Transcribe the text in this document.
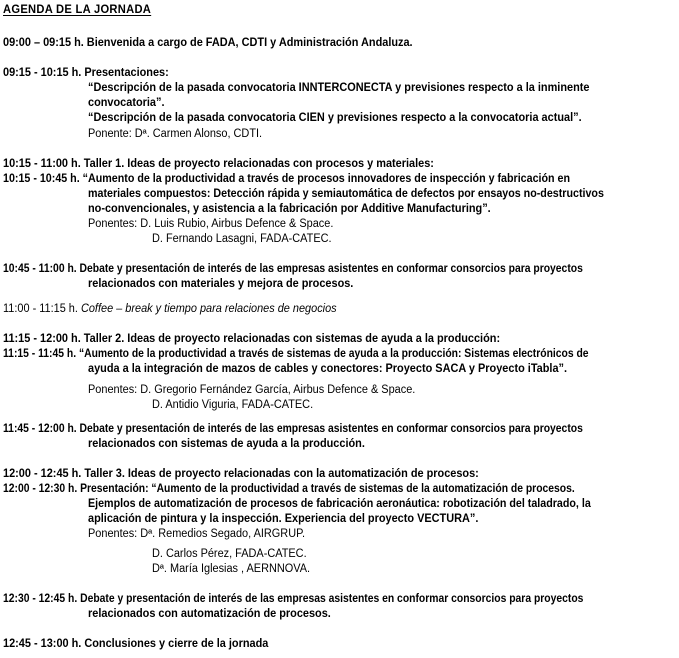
AGENDA DE LA JORNADA
09:00 – 09:15 h. Bienvenida a cargo de FADA, CDTI y Administración Andaluza.
09:15 - 10:15 h. Presentaciones:
“Descripción de la pasada convocatoria INNTERCONECTA y previsiones respecto a la inminente
convocatoria”.
“Descripción de la pasada convocatoria CIEN y previsiones respecto a la convocatoria actual”.
Ponente: Dª. Carmen Alonso, CDTI.
10:15 - 11:00 h. Taller 1. Ideas de proyecto relacionadas con procesos y materiales:
10:15 - 10:45 h. “Aumento de la productividad a través de procesos innovadores de inspección y fabricación en
materiales compuestos: Detección rápida y semiautomática de defectos por ensayos no-destructivos
no-convencionales, y asistencia a la fabricación por Additive Manufacturing”.
Ponentes: D. Luis Rubio, Airbus Defence & Space.
D. Fernando Lasagni, FADA-CATEC.
10:45 - 11:00 h. Debate y presentación de interés de las empresas asistentes en conformar consorcios para proyectos
relacionados con materiales y mejora de procesos.
11:00 - 11:15 h. Coffee – break y tiempo para relaciones de negocios
11:15 - 12:00 h. Taller 2. Ideas de proyecto relacionadas con sistemas de ayuda a la producción:
11:15 - 11:45 h. “Aumento de la productividad a través de sistemas de ayuda a la producción: Sistemas electrónicos de
ayuda a la integración de mazos de cables y conectores: Proyecto SACA y Proyecto iTabla”.
Ponentes: D. Gregorio Fernández García, Airbus Defence & Space.
D. Antidio Viguria, FADA-CATEC.
11:45 - 12:00 h. Debate y presentación de interés de las empresas asistentes en conformar consorcios para proyectos
relacionados con sistemas de ayuda a la producción.
12:00 - 12:45 h. Taller 3. Ideas de proyecto relacionadas con la automatización de procesos:
12:00 - 12:30 h. Presentación: “Aumento de la productividad a través de sistemas de la automatización de procesos.
Ejemplos de automatización de procesos de fabricación aeronáutica: robotización del taladrado, la
aplicación de pintura y la inspección. Experiencia del proyecto VECTURA”.
Ponentes: Dª. Remedios Segado, AIRGRUP.
D. Carlos Pérez, FADA-CATEC.
Dª. María Iglesias , AERNNOVA.
12:30 - 12:45 h. Debate y presentación de interés de las empresas asistentes en conformar consorcios para proyectos
relacionados con automatización de procesos.
12:45 - 13:00 h. Conclusiones y cierre de la jornada
